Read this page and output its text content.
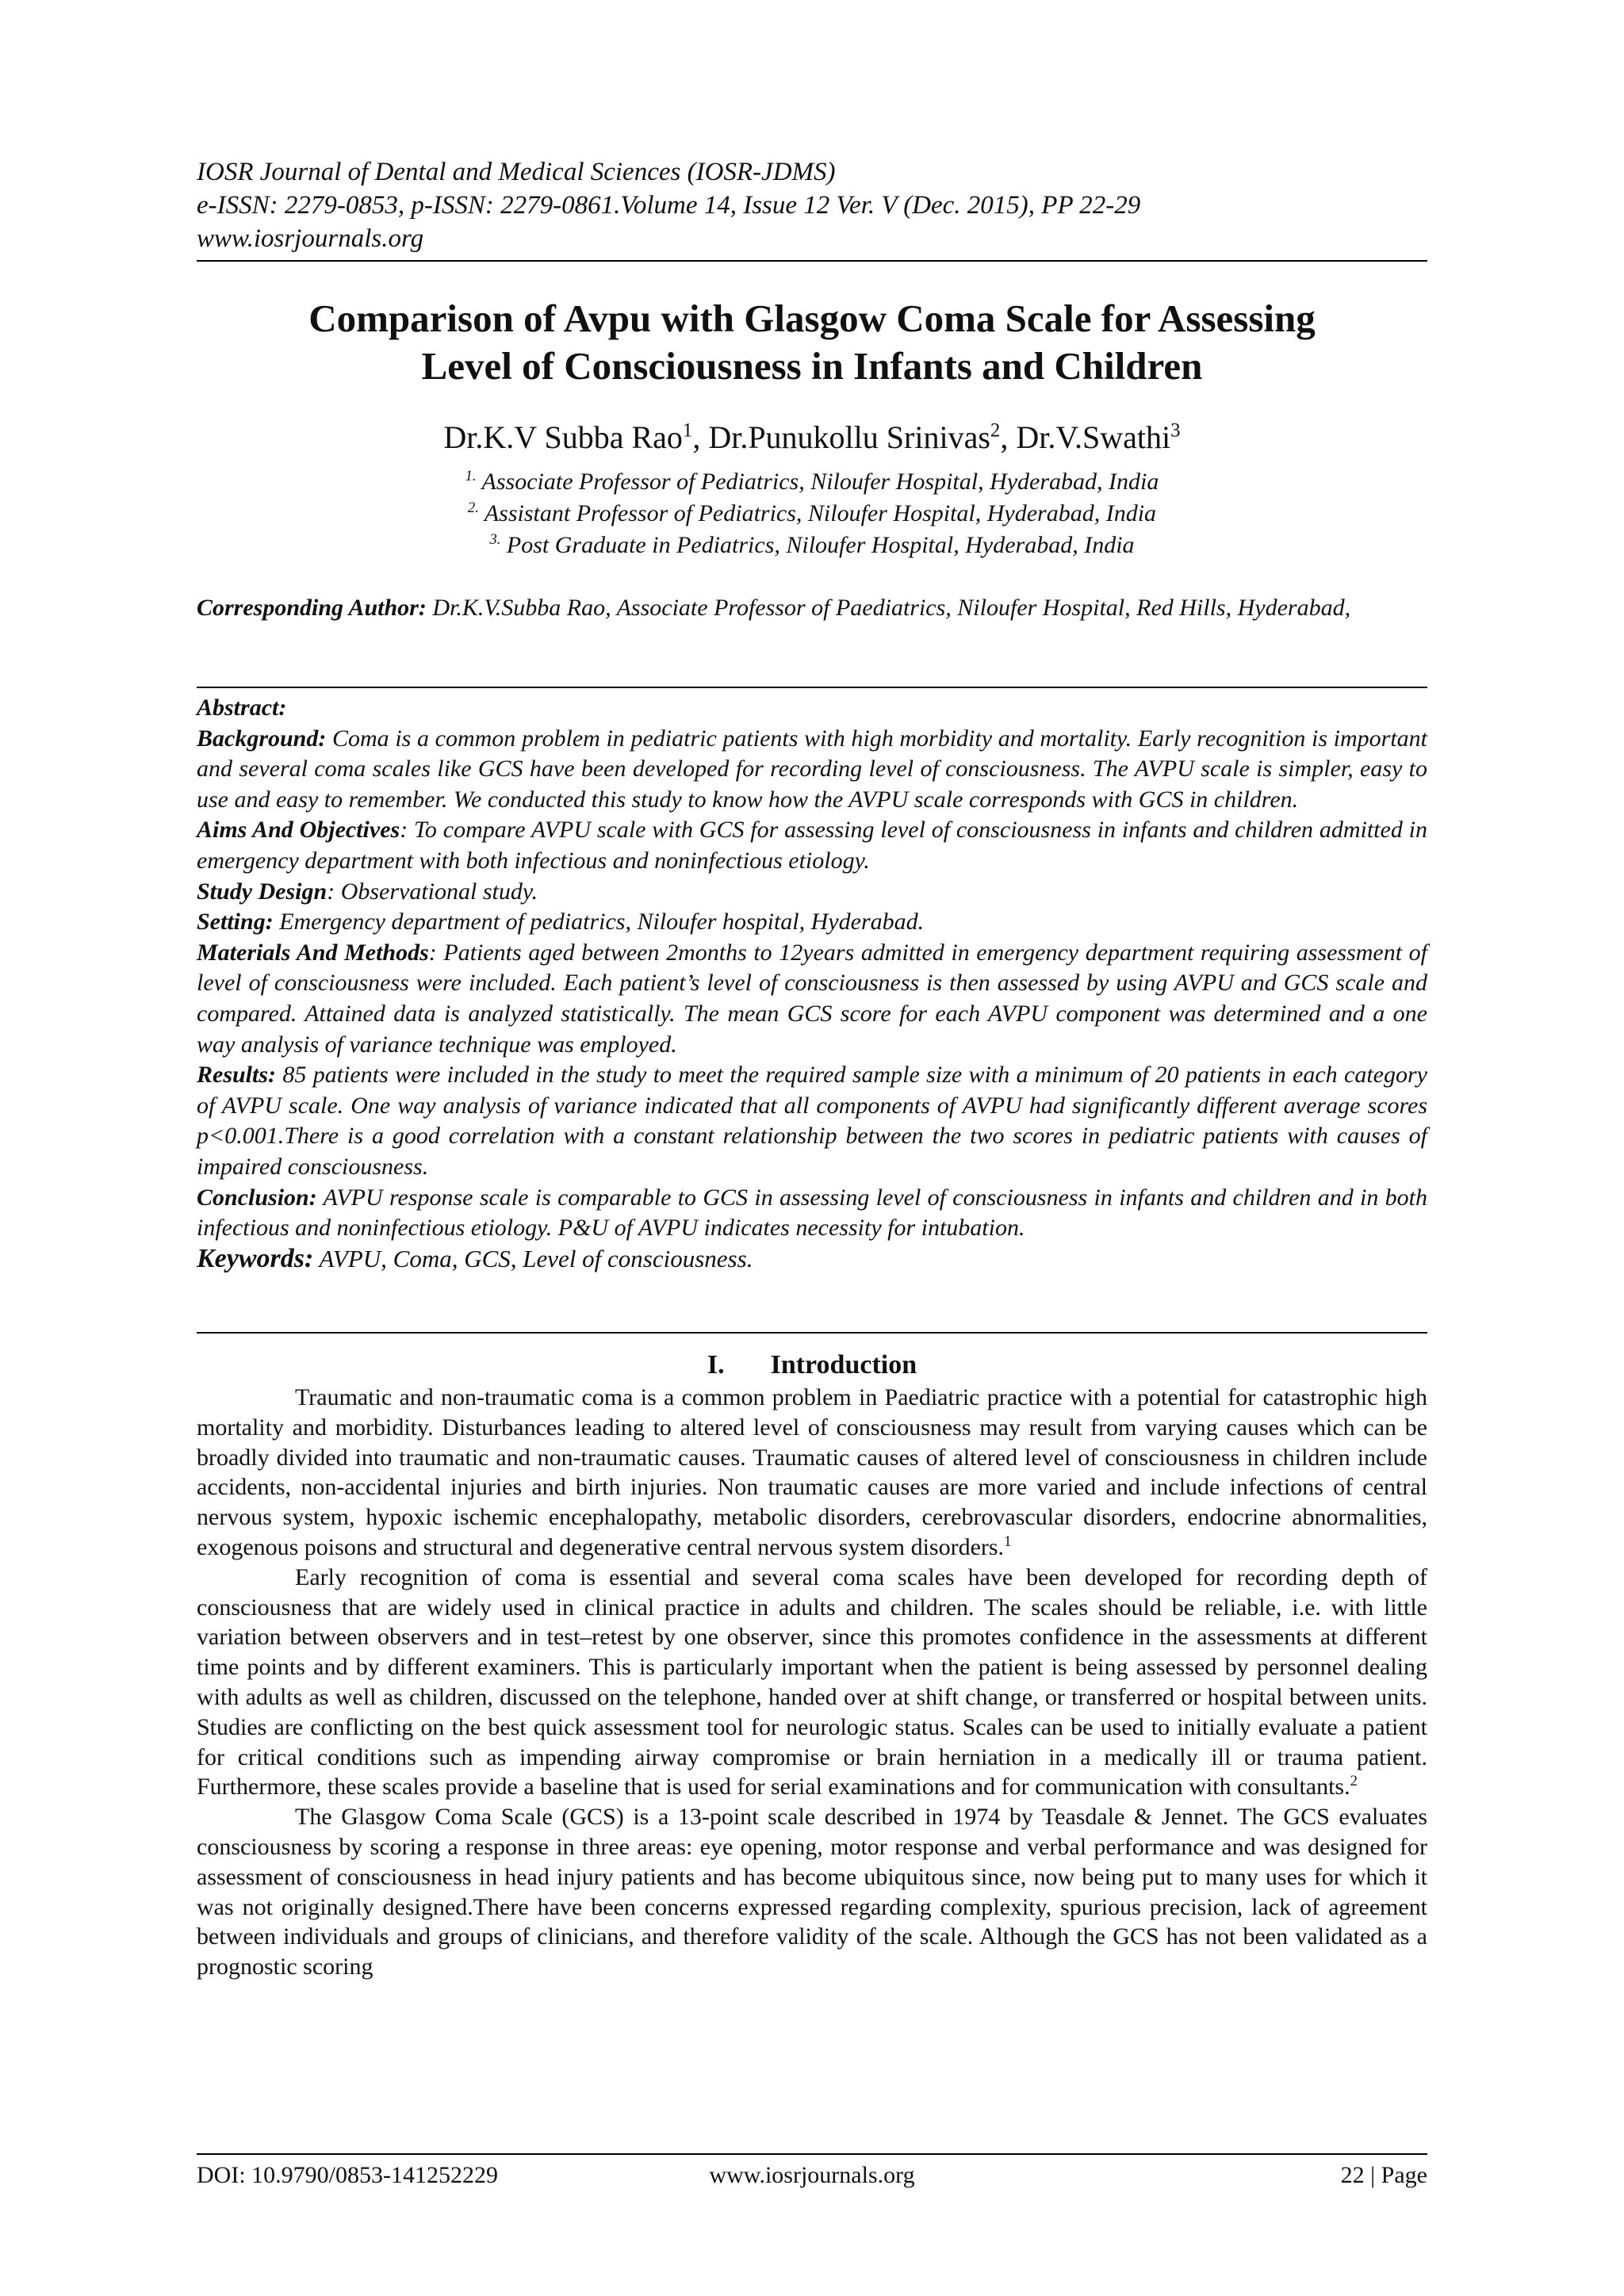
IOSR Journal of Dental and Medical Sciences (IOSR-JDMS)
e-ISSN: 2279-0853, p-ISSN: 2279-0861.Volume 14, Issue 12 Ver. V (Dec. 2015), PP 22-29
www.iosrjournals.org
Comparison of Avpu with Glasgow Coma Scale for Assessing
Level of Consciousness in Infants and Children
Dr.K.V Subba Rao$^1$, Dr.Punukollu Srinivas$^2$, Dr.V.Swathi$^3$
$^{1.}$ Associate Professor of Pediatrics, Niloufer Hospital, Hyderabad, India
$^{2.}$ Assistant Professor of Pediatrics, Niloufer Hospital, Hyderabad, India
$^{3.}$ Post Graduate in Pediatrics, Niloufer Hospital, Hyderabad, India
Corresponding Author: Dr.K.V.Subba Rao, Associate Professor of Paediatrics, Niloufer Hospital, Red Hills, Hyderabad,

Abstract:

Background: Coma is a common problem in pediatric patients with high morbidity and mortality. Early recognition is important and several coma scales like GCS have been developed for recording level of consciousness. The AVPU scale is simpler, easy to use and easy to remember. We conducted this study to know how the AVPU scale corresponds with GCS in children.

Aims And Objectives: To compare AVPU scale with GCS for assessing level of consciousness in infants and children admitted in emergency department with both infectious and noninfectious etiology.

Study Design: Observational study.

Setting: Emergency department of pediatrics, Niloufer hospital, Hyderabad.

Materials And Methods: Patients aged between 2months to 12years admitted in emergency department requiring assessment of level of consciousness were included. Each patient’s level of consciousness is then assessed by using AVPU and GCS scale and compared. Attained data is analyzed statistically. The mean GCS score for each AVPU component was determined and a one way analysis of variance technique was employed.

Results: 85 patients were included in the study to meet the required sample size with a minimum of 20 patients in each category of AVPU scale. One way analysis of variance indicated that all components of AVPU had significantly different average scores p<0.001.There is a good correlation with a constant relationship between the two scores in pediatric patients with causes of impaired consciousness.

Conclusion: AVPU response scale is comparable to GCS in assessing level of consciousness in infants and children and in both infectious and noninfectious etiology. P&U of AVPU indicates necessity for intubation.

Keywords: AVPU, Coma, GCS, Level of consciousness.

I. Introduction

Traumatic and non-traumatic coma is a common problem in Paediatric practice with a potential for catastrophic high mortality and morbidity. Disturbances leading to altered level of consciousness may result from varying causes which can be broadly divided into traumatic and non-traumatic causes. Traumatic causes of altered level of consciousness in children include accidents, non-accidental injuries and birth injuries. Non traumatic causes are more varied and include infections of central nervous system, hypoxic ischemic encephalopathy, metabolic disorders, cerebrovascular disorders, endocrine abnormalities, exogenous poisons and structural and degenerative central nervous system disorders.$^1$

Early recognition of coma is essential and several coma scales have been developed for recording depth of consciousness that are widely used in clinical practice in adults and children. The scales should be reliable, i.e. with little variation between observers and in test–retest by one observer, since this promotes confidence in the assessments at different time points and by different examiners. This is particularly important when the patient is being assessed by personnel dealing with adults as well as children, discussed on the telephone, handed over at shift change, or transferred or hospital between units. Studies are conflicting on the best quick assessment tool for neurologic status. Scales can be used to initially evaluate a patient for critical conditions such as impending airway compromise or brain herniation in a medically ill or trauma patient. Furthermore, these scales provide a baseline that is used for serial examinations and for communication with consultants.$^2$

The Glasgow Coma Scale (GCS) is a 13-point scale described in 1974 by Teasdale & Jennet. The GCS evaluates consciousness by scoring a response in three areas: eye opening, motor response and verbal performance and was designed for assessment of consciousness in head injury patients and has become ubiquitous since, now being put to many uses for which it was not originally designed.There have been concerns expressed regarding complexity, spurious precision, lack of agreement between individuals and groups of clinicians, and therefore validity of the scale. Although the GCS has not been validated as a prognostic scoring

DOI: 10.9790/0853-141252229	www.iosrjournals.org	22 | Page
